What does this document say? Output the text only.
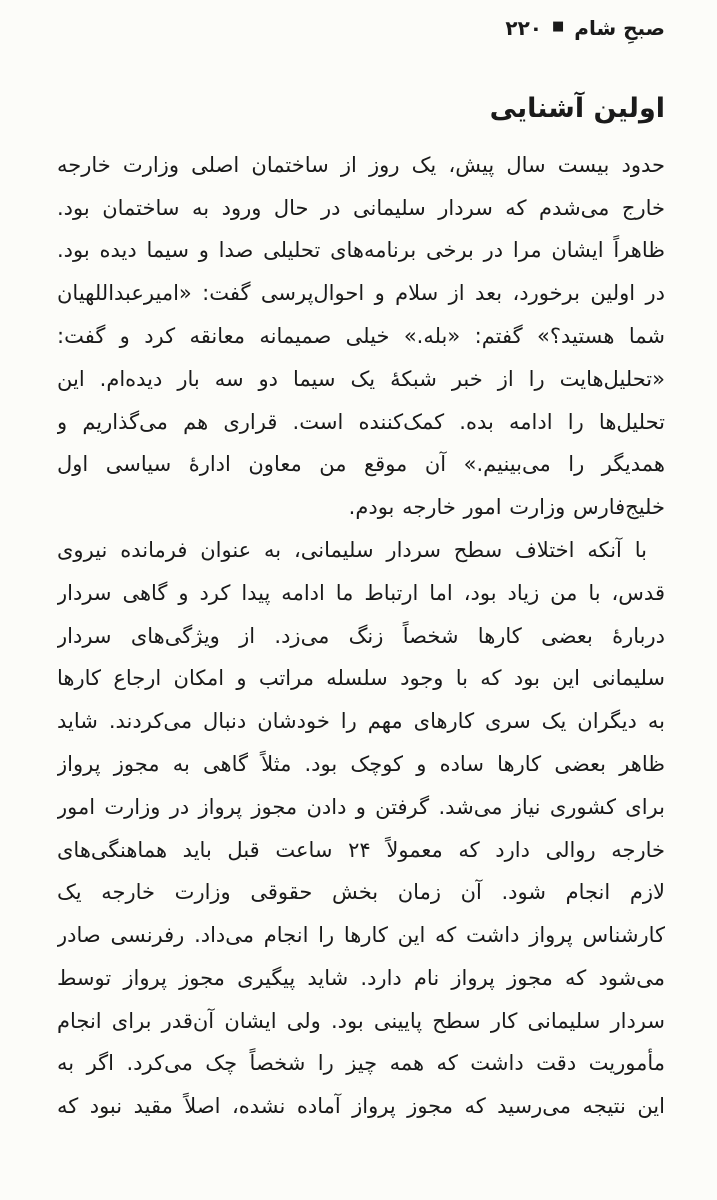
صبحِ شام
■
۲۲۰
اولین آشنایی
حدود بیست سال پیش، یک روز از ساختمان اصلی وزارت خارجه
خارج می‌شدم که سردار سلیمانی در حال ورود به ساختمان بود.
ظاهراً ایشان مرا در برخی برنامه‌های تحلیلی صدا و سیما دیده بود.
در اولین برخورد، بعد از سلام و احوال‌پرسی گفت: «امیرعبداللهیان
شما هستید؟» گفتم: «بله.» خیلی صمیمانه معانقه کرد و گفت:
«تحلیل‌هایت را از خبر شبکهٔ یک سیما دو سه بار دیده‌ام. این
تحلیل‌ها را ادامه بده. کمک‌کننده است. قراری هم می‌گذاریم و
همدیگر را می‌بینیم.» آن موقع من معاون ادارهٔ سیاسی اول
خلیج‌فارس وزارت امور خارجه بودم.
با آنکه اختلاف سطح سردار سلیمانی، به عنوان فرمانده نیروی
قدس، با من زیاد بود، اما ارتباط ما ادامه پیدا کرد و گاهی سردار
دربارهٔ بعضی کارها شخصاً زنگ می‌زد. از ویژگی‌های سردار
سلیمانی این بود که با وجود سلسله مراتب و امکان ارجاع کارها
به دیگران یک سری کارهای مهم را خودشان دنبال می‌کردند. شاید
ظاهر بعضی کارها ساده و کوچک بود. مثلاً گاهی به مجوز پرواز
برای کشوری نیاز می‌شد. گرفتن و دادن مجوز پرواز در وزارت امور
خارجه روالی دارد که معمولاً ۲۴ ساعت قبل باید هماهنگی‌های
لازم انجام شود. آن زمان بخش حقوقی وزارت خارجه یک
کارشناس پرواز داشت که این کارها را انجام می‌داد. رفرنسی صادر
می‌شود که مجوز پرواز نام دارد. شاید پیگیری مجوز پرواز توسط
سردار سلیمانی کار سطح پایینی بود. ولی ایشان آن‌قدر برای انجام
مأموریت دقت داشت که همه چیز را شخصاً چک می‌کرد. اگر به
این نتیجه می‌رسید که مجوز پرواز آماده نشده، اصلاً مقید نبود که
